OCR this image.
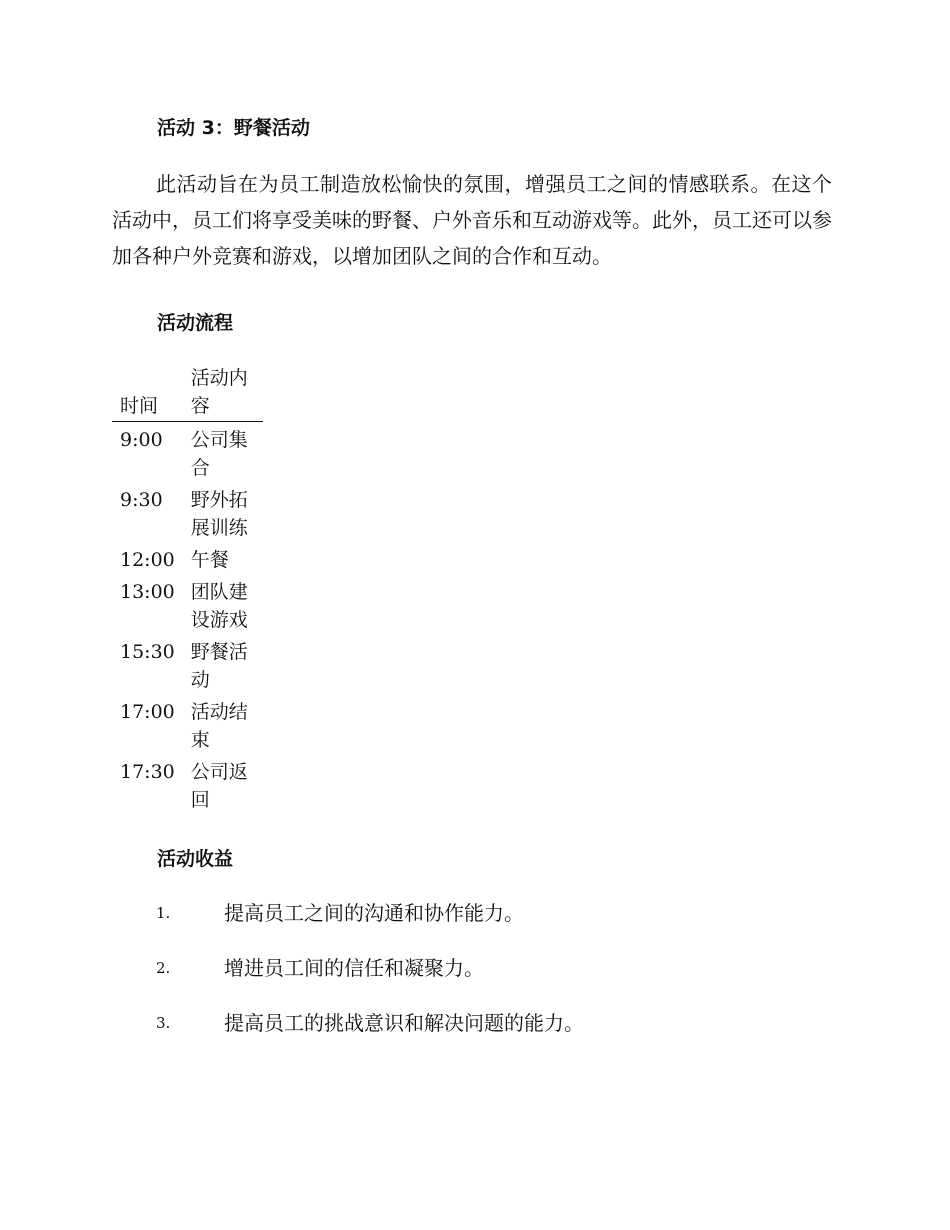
活动 3：野餐活动

此活动旨在为员工制造放松愉快的氛围，增强员工之间的情感联系。在这个活动中，员工们将享受美味的野餐、户外音乐和互动游戏等。此外，员工还可以参加各种户外竞赛和游戏，以增加团队之间的合作和互动。

活动流程
时间	活动内容
9:00	公司集合
9:30	野外拓展训练
12:00	午餐
13:00	团队建设游戏
15:30	野餐活动
17:00	活动结束
17:30	公司返回
活动收益
1.	提高员工之间的沟通和协作能力。
2.	增进员工间的信任和凝聚力。
3.	提高员工的挑战意识和解决问题的能力。
